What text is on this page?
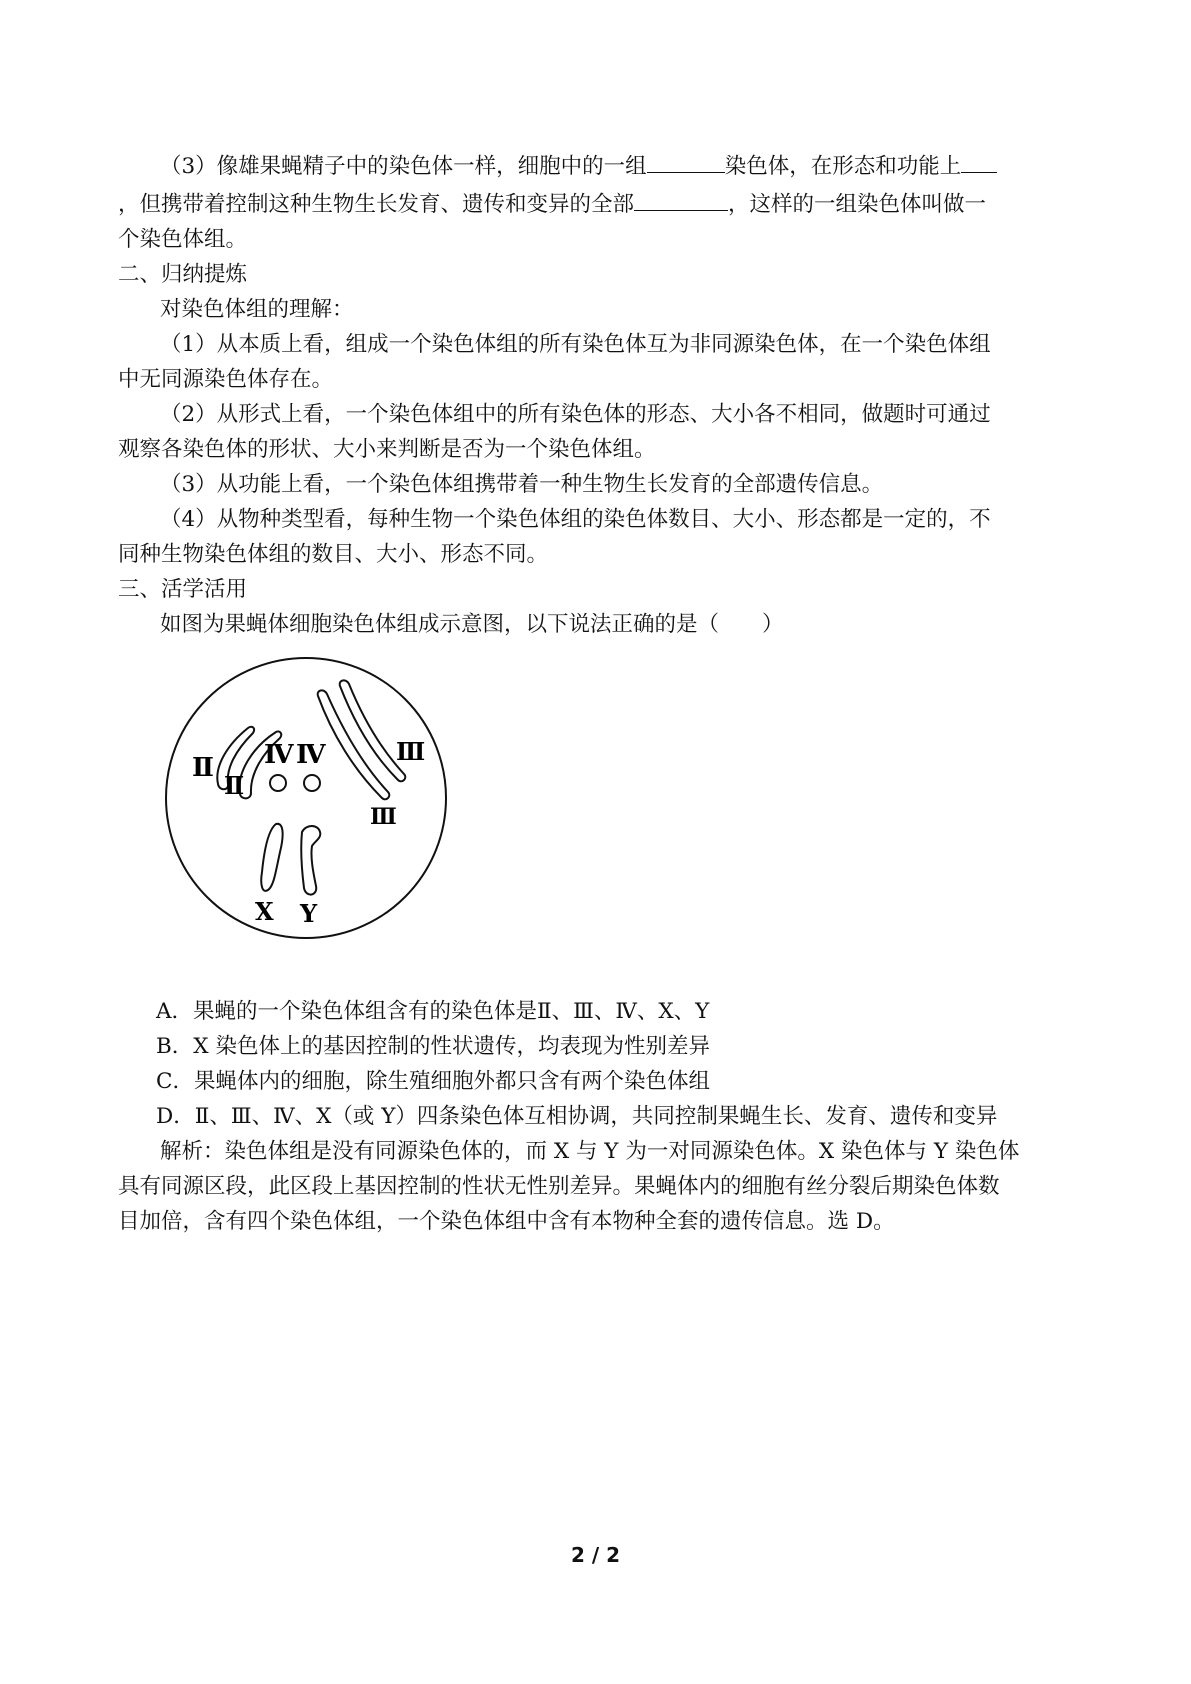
（3）像雄果蝇精子中的染色体一样，细胞中的一组	染色体，在形态和功能上

，但携带着控制这种生物生长发育、遗传和变异的全部	，这样的一组染色体叫做一

个染色体组。

二、归纳提炼

对染色体组的理解：

（1）从本质上看，组成一个染色体组的所有染色体互为非同源染色体，在一个染色体组

中无同源染色体存在。

（2）从形式上看，一个染色体组中的所有染色体的形态、大小各不相同，做题时可通过

观察各染色体的形状、大小来判断是否为一个染色体组。

（3）从功能上看，一个染色体组携带着一种生物生长发育的全部遗传信息。

（4）从物种类型看，每种生物一个染色体组的染色体数目、大小、形态都是一定的，不

同种生物染色体组的数目、大小、形态不同。

三、活学活用

如图为果蝇体细胞染色体组成示意图，以下说法正确的是（　　）

Ⅱ
Ⅱ
Ⅳ Ⅳ	Ⅲ
Ⅲ
X Y

A．果蝇的一个染色体组含有的染色体是Ⅱ、Ⅲ、Ⅳ、X、Y

B．X 染色体上的基因控制的性状遗传，均表现为性别差异

C．果蝇体内的细胞，除生殖细胞外都只含有两个染色体组

D．Ⅱ、Ⅲ、Ⅳ、X（或 Y）四条染色体互相协调，共同控制果蝇生长、发育、遗传和变异

解析：染色体组是没有同源染色体的，而 X 与 Y 为一对同源染色体。X 染色体与 Y 染色体

具有同源区段，此区段上基因控制的性状无性别差异。果蝇体内的细胞有丝分裂后期染色体数

目加倍，含有四个染色体组，一个染色体组中含有本物种全套的遗传信息。选 D。

2 / 2
